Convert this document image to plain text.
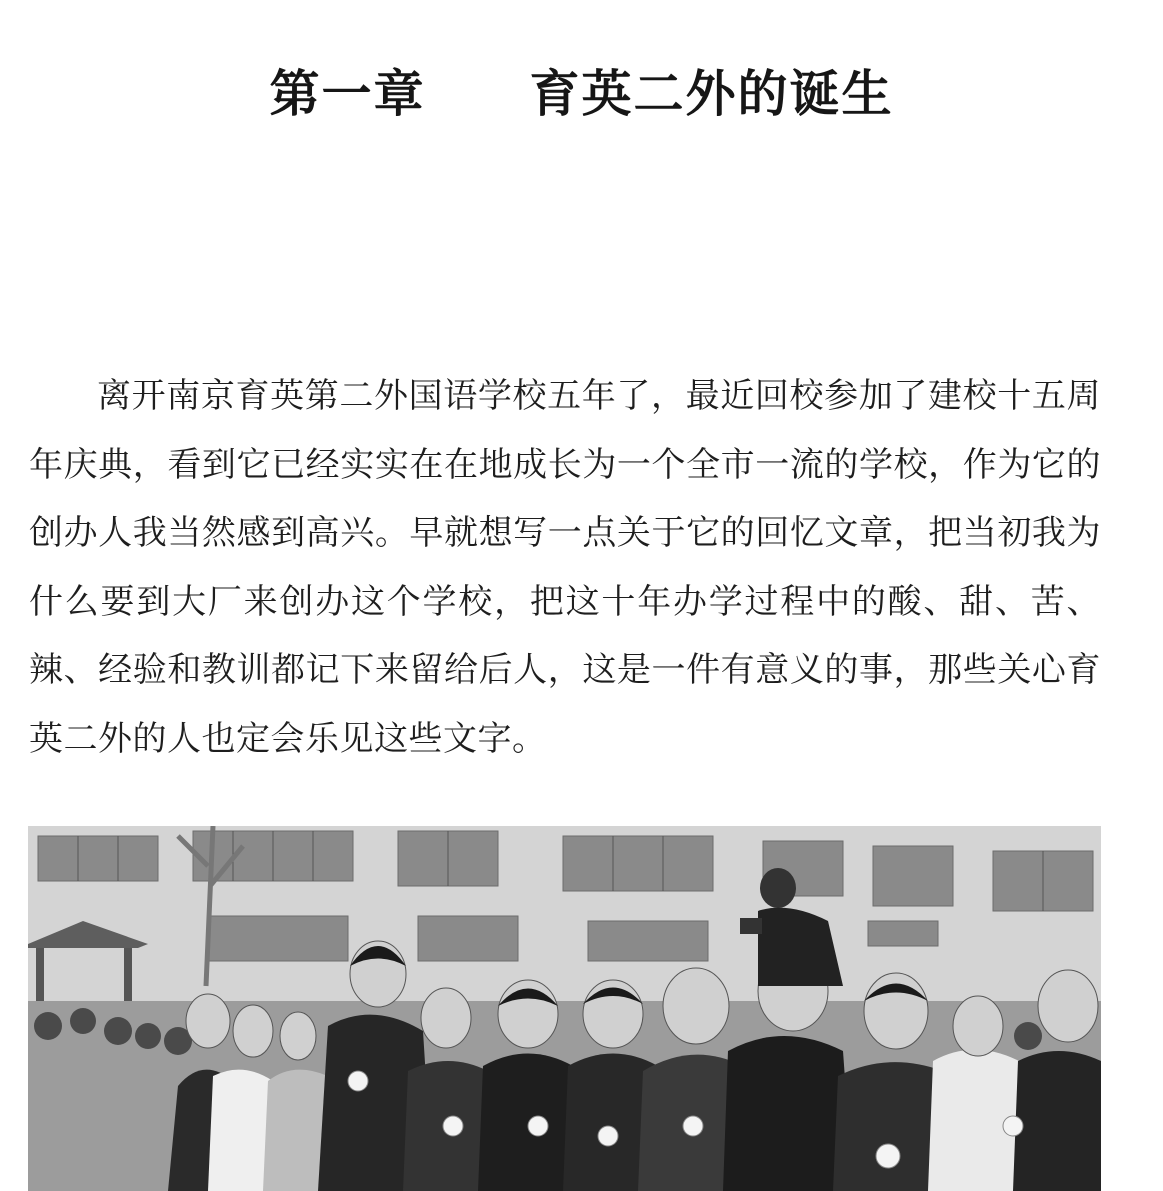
第一章　　育英二外的诞生

离开南京育英第二外国语学校五年了，最近回校参加了建校十五周年庆典，看到它已经实实在在地成长为一个全市一流的学校，作为它的创办人我当然感到高兴。早就想写一点关于它的回忆文章，把当初我为什么要到大厂来创办这个学校，把这十年办学过程中的酸、甜、苦、辣、经验和教训都记下来留给后人，这是一件有意义的事，那些关心育英二外的人也定会乐见这些文字。
